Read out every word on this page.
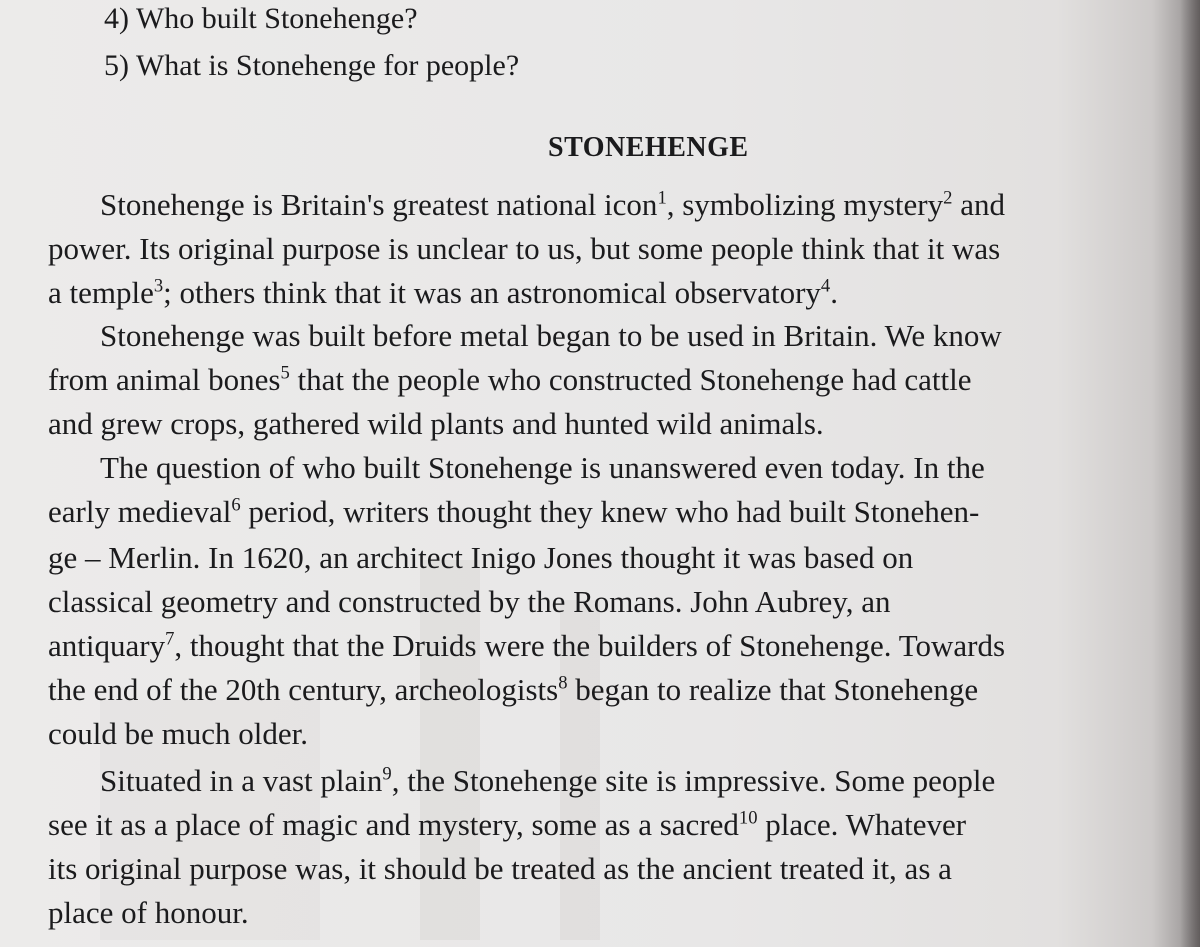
4) Who built Stonehenge?
5) What is Stonehenge for people?
STONEHENGE
Stonehenge is Britain's greatest national icon$^1$, symbolizing mystery$^2$ and
power. Its original purpose is unclear to us, but some people think that it was
a temple$^3$; others think that it was an astronomical observatory$^4$.
Stonehenge was built before metal began to be used in Britain. We know
from animal bones$^5$ that the people who constructed Stonehenge had cattle
and grew crops, gathered wild plants and hunted wild animals.
The question of who built Stonehenge is unanswered even today. In the
early medieval$^6$ period, writers thought they knew who had built Stonehen-
ge – Merlin. In 1620, an architect Inigo Jones thought it was based on
classical geometry and constructed by the Romans. John Aubrey, an
antiquary$^7$, thought that the Druids were the builders of Stonehenge. Towards
the end of the 20th century, archeologists$^8$ began to realize that Stonehenge
could be much older.
Situated in a vast plain$^9$, the Stonehenge site is impressive. Some people
see it as a place of magic and mystery, some as a sacred$^{10}$ place. Whatever
its original purpose was, it should be treated as the ancient treated it, as a
place of honour.
